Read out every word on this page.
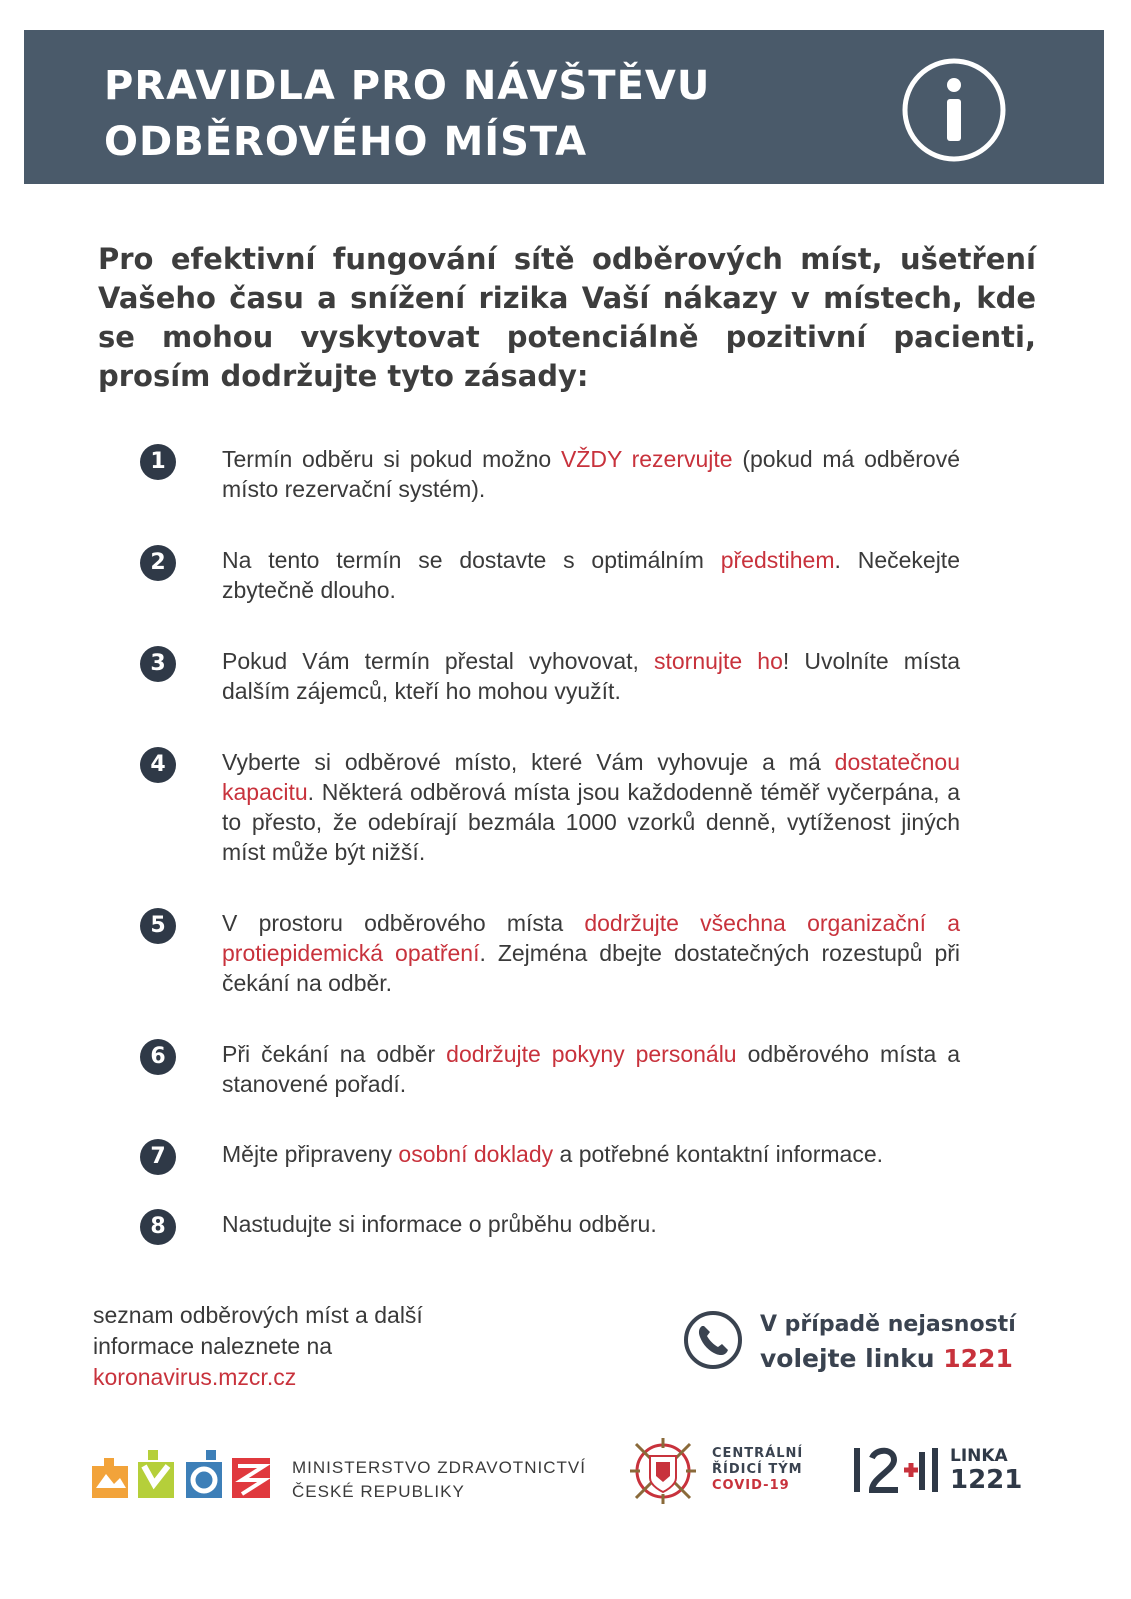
PRAVIDLA PRO NÁVŠTĚVU
ODBĚROVÉHO MÍSTA
Pro efektivní fungování sítě odběrových míst, ušetření Vašeho času a snížení rizika Vaší nákazy v místech, kde se mohou vyskytovat potenciálně pozitivní pacienti, prosím dodržujte tyto zásady:
1	Termín odběru si pokud možno VŽDY rezervujte (pokud má odběrové místo rezervační systém).
2	Na tento termín se dostavte s optimálním předstihem. Nečekejte zbytečně dlouho.
3	Pokud Vám termín přestal vyhovovat, stornujte ho! Uvolníte místa dalším zájemců, kteří ho mohou využít.
4	Vyberte si odběrové místo, které Vám vyhovuje a má dostatečnou kapacitu. Některá odběrová místa jsou každodenně téměř vyčerpána, a to přesto, že odebírají bezmála 1000 vzorků denně, vytíženost jiných míst může být nižší.
5	V prostoru odběrového místa dodržujte všechna organizační a protiepidemická opatření. Zejména dbejte dostatečných rozestupů při čekání na odběr.
6	Při čekání na odběr dodržujte pokyny personálu odběrového místa a stanovené pořadí.
7	Mějte připraveny osobní doklady a potřebné kontaktní informace.
8	Nastudujte si informace o průběhu odběru.
seznam odběrových míst a další
informace naleznete na
koronavirus.mzcr.cz
V případě nejasností
volejte linku 1221
MINISTERSTVO ZDRAVOTNICTVÍ
ČESKÉ REPUBLIKY
CENTRÁLNÍ
ŘÍDICÍ TÝM
COVID-19
LINKA
1221
